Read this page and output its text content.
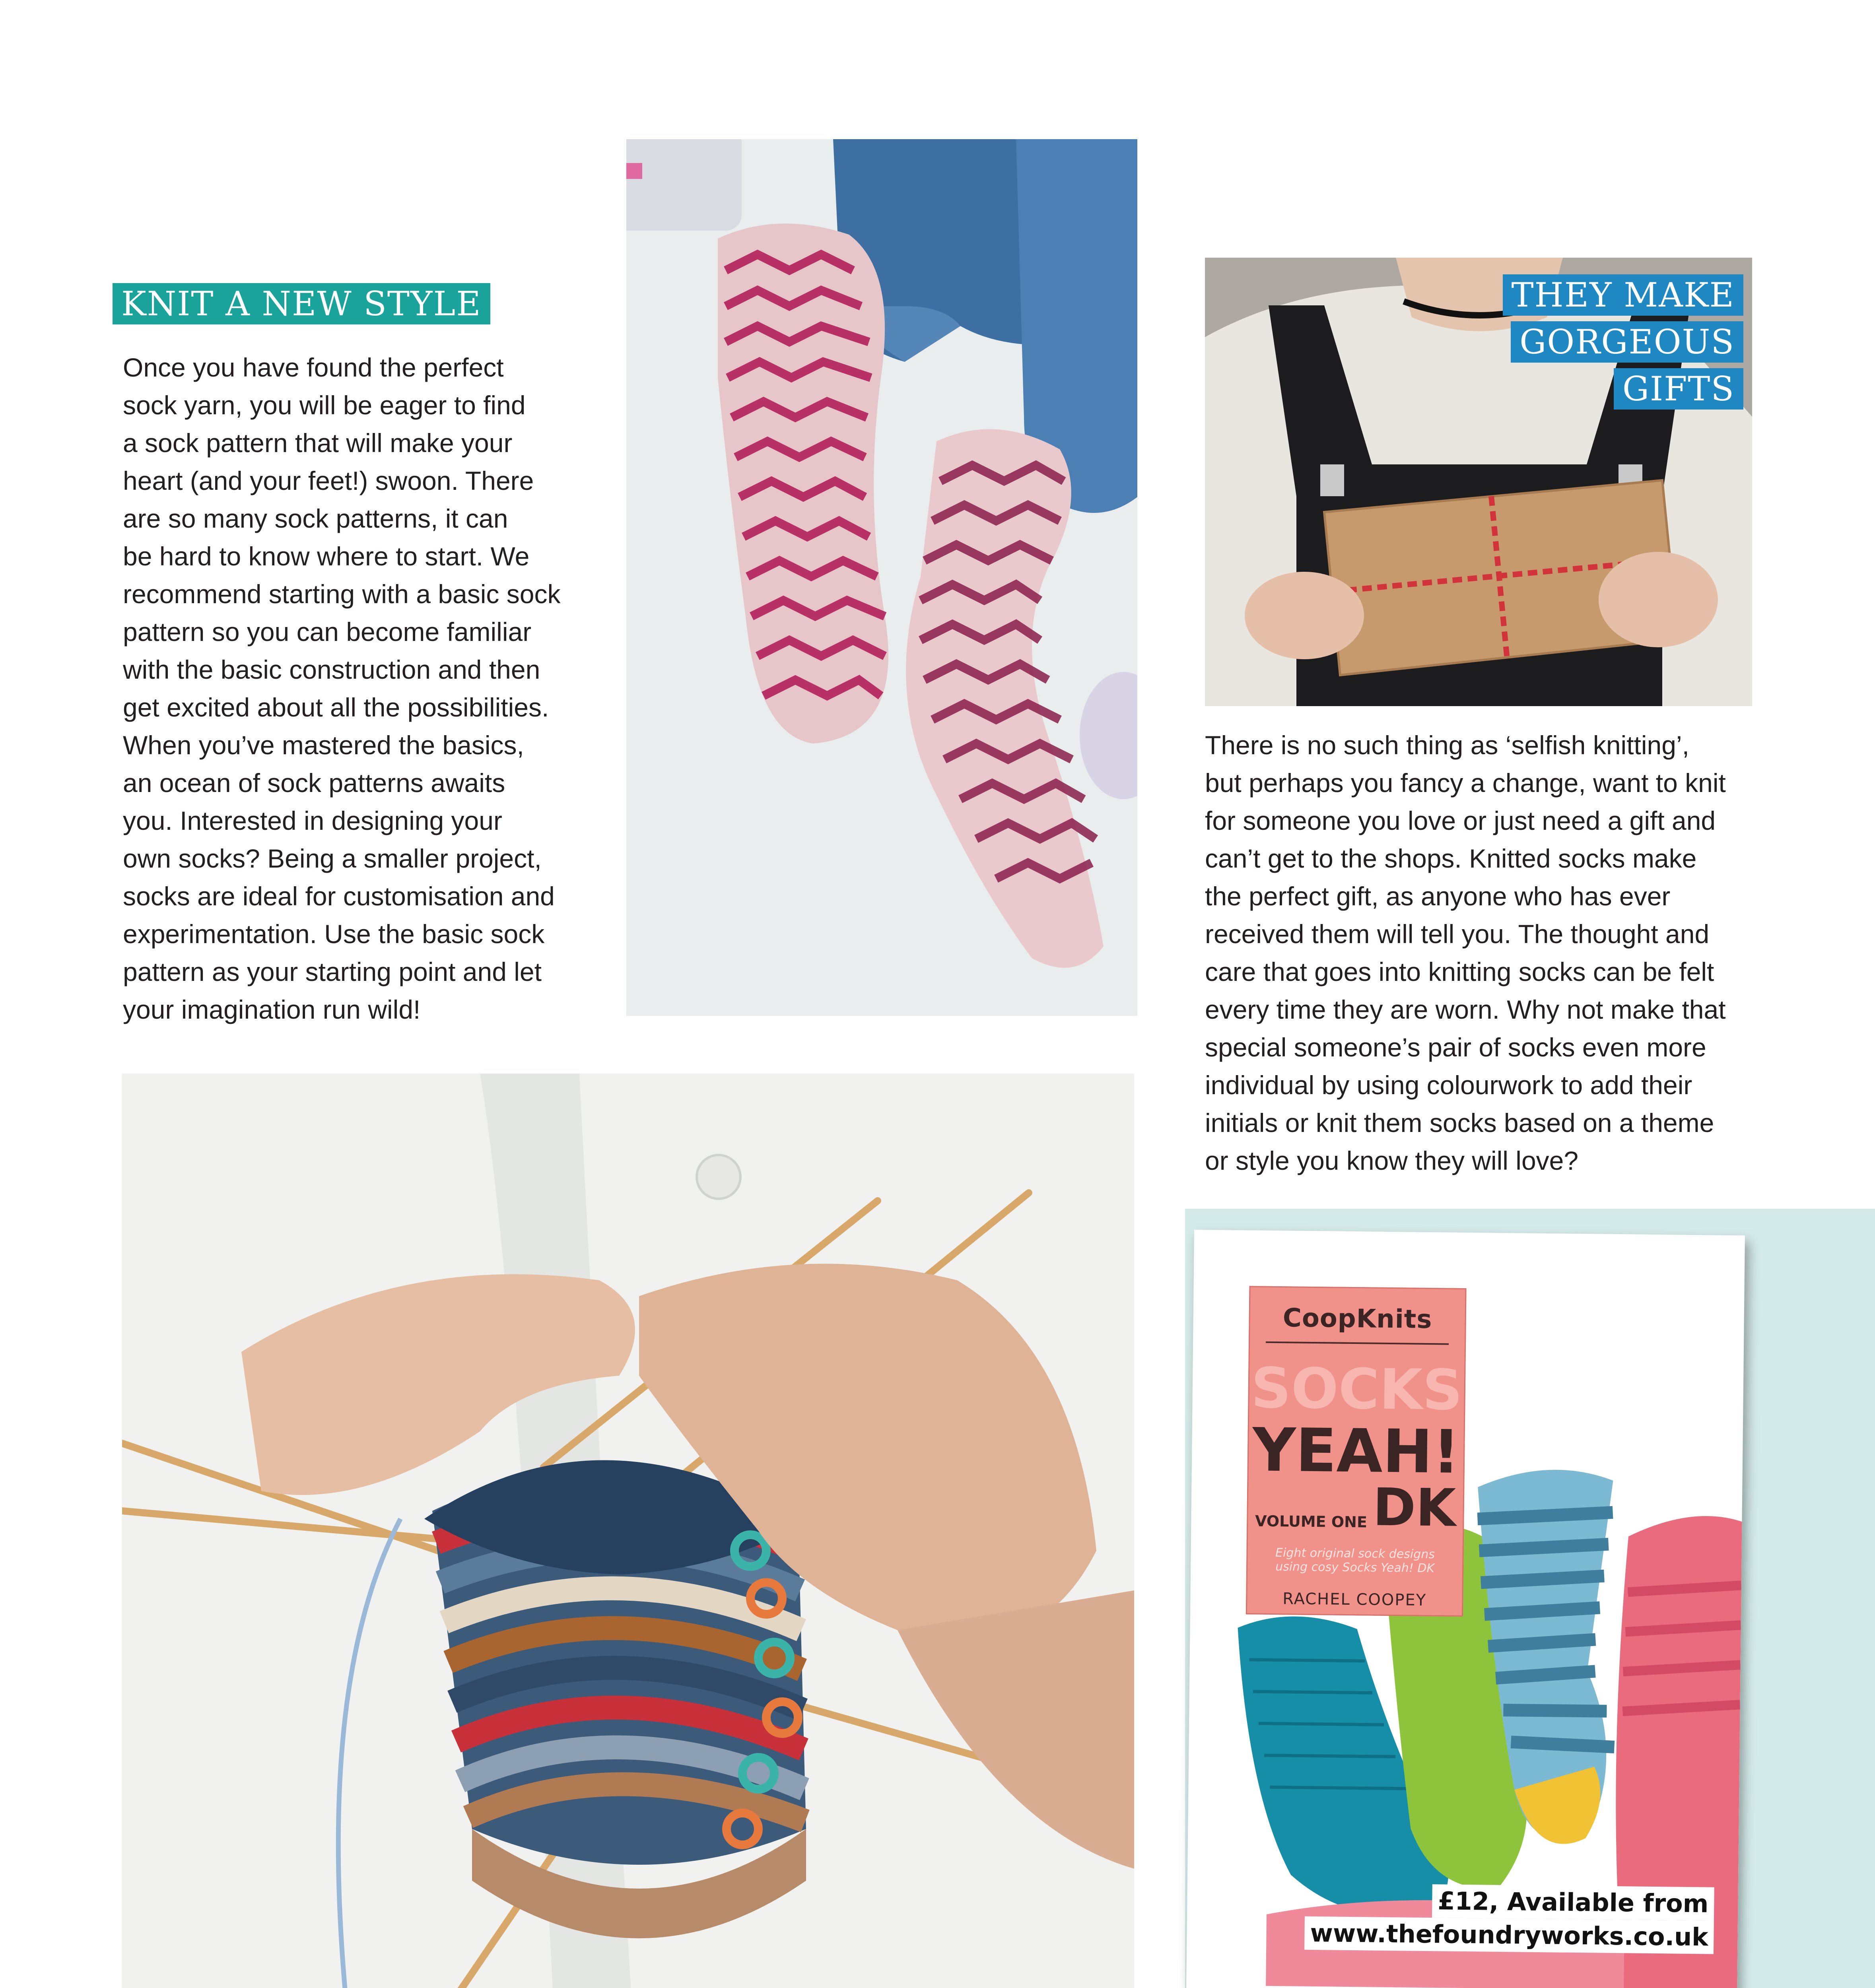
KNIT A NEW STYLE
Once you have found the perfect
sock yarn, you will be eager to find
a sock pattern that will make your
heart (and your feet!) swoon. There
are so many sock patterns, it can
be hard to know where to start. We
recommend starting with a basic sock
pattern so you can become familiar
with the basic construction and then
get excited about all the possibilities.
When you’ve mastered the basics,
an ocean of sock patterns awaits
you. Interested in designing your
own socks? Being a smaller project,
socks are ideal for customisation and
experimentation. Use the basic sock
pattern as your starting point and let
your imagination run wild!
THEY MAKE
GORGEOUS
GIFTS
There is no such thing as ‘selfish knitting’,
but perhaps you fancy a change, want to knit
for someone you love or just need a gift and
can’t get to the shops. Knitted socks make
the perfect gift, as anyone who has ever
received them will tell you. The thought and
care that goes into knitting socks can be felt
every time they are worn. Why not make that
special someone’s pair of socks even more
individual by using colourwork to add their
initials or knit them socks based on a theme
or style you know they will love?
CoopKnits
SOCKS
YEAH!
VOLUME ONE DK
Eight original sock designs
using cosy Socks Yeah! DK
RACHEL COOPEY
£12, Available from
www.thefoundryworks.co.uk
